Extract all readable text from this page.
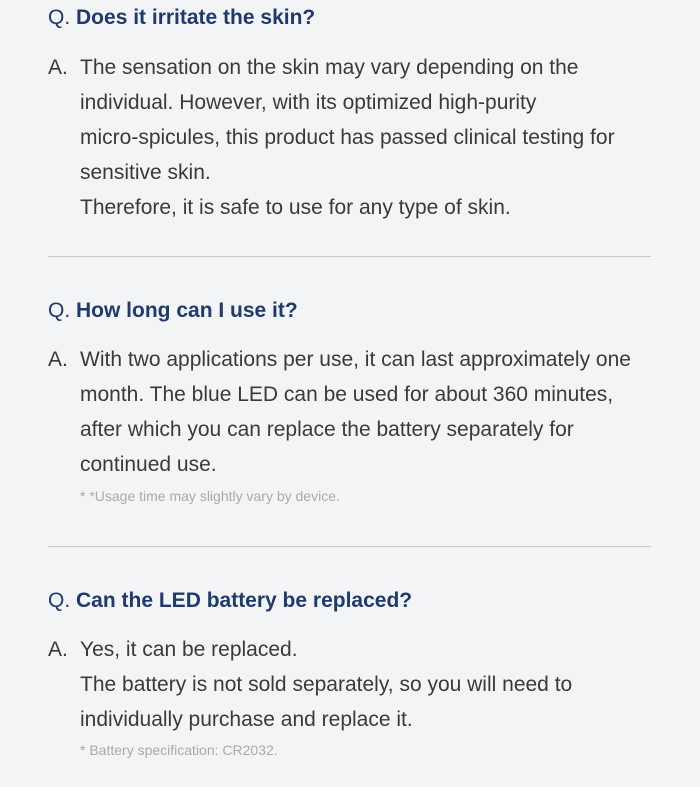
Q. Does it irritate the skin?
A. The sensation on the skin may vary depending on the
individual. However, with its optimized high-purity
micro-spicules, this product has passed clinical testing for
sensitive skin.
Therefore, it is safe to use for any type of skin.
Q. How long can I use it?
A. With two applications per use, it can last approximately one
month. The blue LED can be used for about 360 minutes,
after which you can replace the battery separately for
continued use.
* *Usage time may slightly vary by device.
Q. Can the LED battery be replaced?
A. Yes, it can be replaced.
The battery is not sold separately, so you will need to
individually purchase and replace it.
* Battery specification: CR2032.
